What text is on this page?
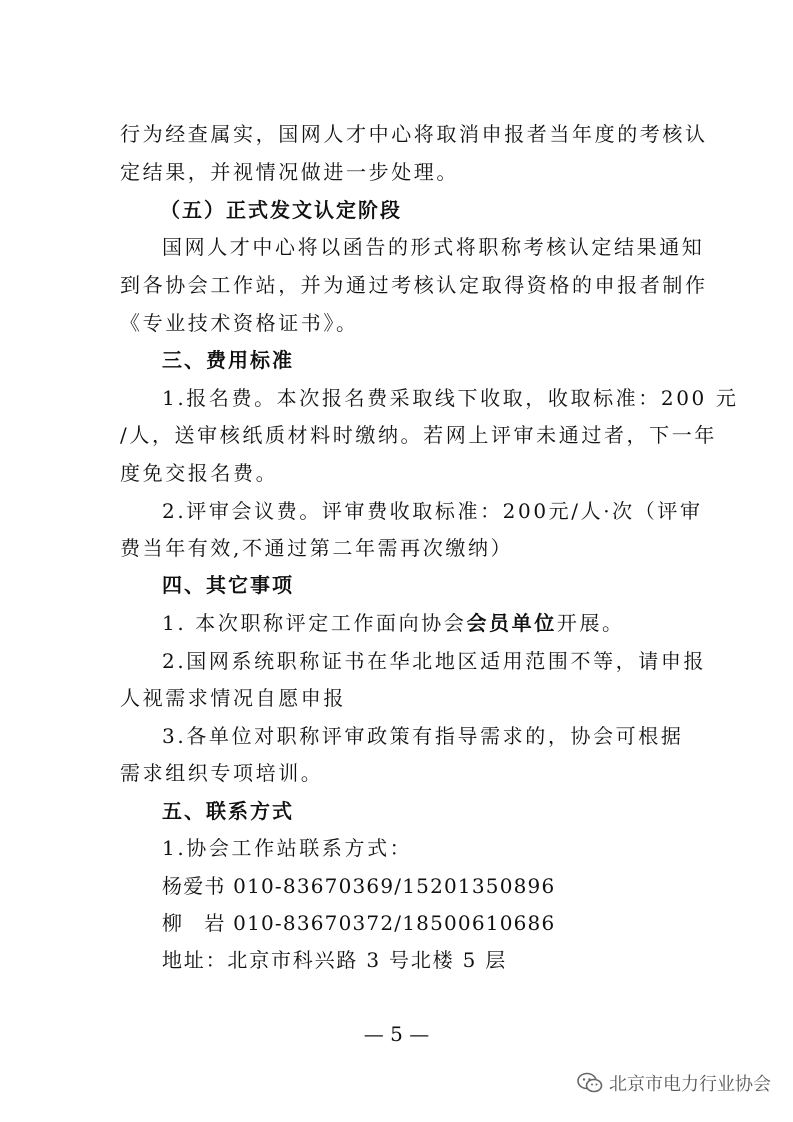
行为经查属实，国网人才中心将取消申报者当年度的考核认
定结果，并视情况做进一步处理。
（五）正式发文认定阶段
国网人才中心将以函告的形式将职称考核认定结果通知
到各协会工作站，并为通过考核认定取得资格的申报者制作
《专业技术资格证书》。
三、费用标准
1.报名费。本次报名费采取线下收取，收取标准：200 元
/人，送审核纸质材料时缴纳。若网上评审未通过者，下一年
度免交报名费。
2.评审会议费。评审费收取标准：200元/人·次（评审
费当年有效,不通过第二年需再次缴纳）
四、其它事项
1. 本次职称评定工作面向协会会员单位开展。
2.国网系统职称证书在华北地区适用范围不等，请申报
人视需求情况自愿申报
3.各单位对职称评审政策有指导需求的，协会可根据
需求组织专项培训。
五、联系方式
1.协会工作站联系方式：
杨爱书 010-83670369/15201350896
柳　岩 010-83670372/18500610686
地址：北京市科兴路 3 号北楼 5 层
— 5 —
北京市电力行业协会
